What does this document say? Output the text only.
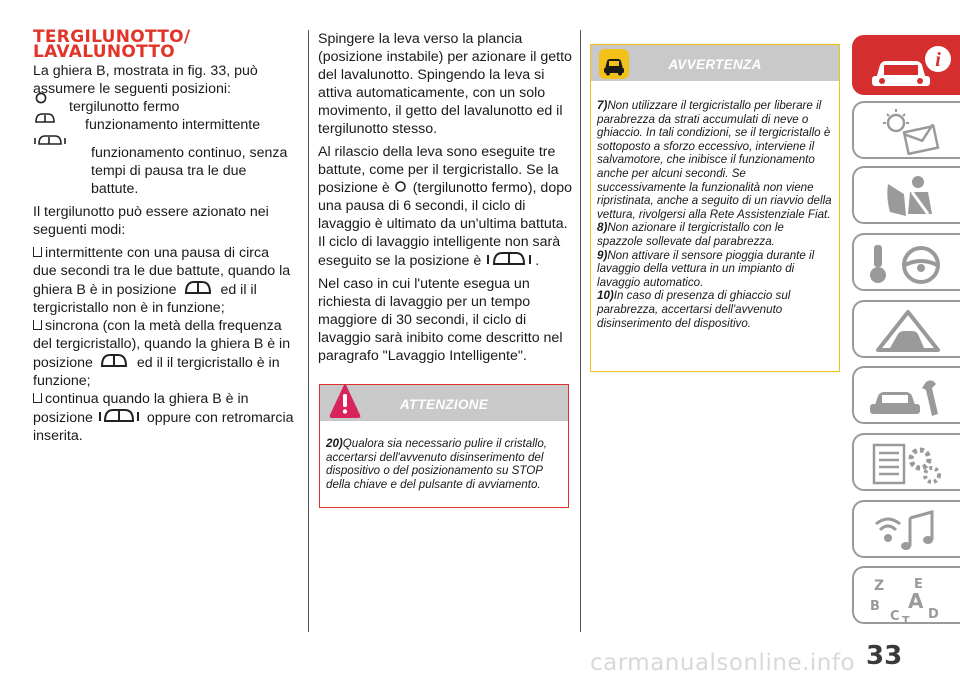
TERGILUNOTTO/
LAVALUNOTTO

La ghiera B, mostrata in fig. 33, può assumere le seguenti posizioni:

tergilunotto fermo

funzionamento intermittente

funzionamento continuo, senza tempi di pausa tra le due battute.

Il tergilunotto può essere azionato nei seguenti modi:

intermittente con una pausa di circa due secondi tra le due battute, quando la ghiera B è in posizione	ed il il tergicristallo non è in funzione;

sincrona (con la metà della frequenza del tergicristallo), quando la ghiera B è in posizione	ed il il tergicristallo è in funzione;

continua quando la ghiera B è in posizione	oppure con retromarcia inserita.

Spingere la leva verso la plancia (posizione instabile) per azionare il getto del lavalunotto. Spingendo la leva si attiva automaticamente, con un solo movimento, il getto del lavalunotto ed il tergilunotto stesso.

Al rilascio della leva sono eseguite tre battute, come per il tergicristallo. Se la posizione è (tergilunotto fermo), dopo una pausa di 6 secondi, il ciclo di lavaggio è ultimato da un'ultima battuta. Il ciclo di lavaggio intelligente non sarà eseguito se la posizione è	.

Nel caso in cui l'utente esegua un richiesta di lavaggio per un tempo maggiore di 30 secondi, il ciclo di lavaggio sarà inibito come descritto nel paragrafo "Lavaggio Intelligente".

ATTENZIONE
20)Qualora sia necessario pulire il cristallo, accertarsi dell'avvenuto disinserimento del dispositivo o del posizionamento su STOP della chiave e del pulsante di avviamento.
AVVERTENZA
7)Non utilizzare il tergicristallo per liberare il parabrezza da strati accumulati di neve o ghiaccio. In tali condizioni, se il tergicristallo è sottoposto a sforzo eccessivo, interviene il salvamotore, che inibisce il funzionamento anche per alcuni secondi. Se successivamente la funzionalità non viene ripristinata, anche a seguito di un riavvio della vettura, rivolgersi alla Rete Assistenziale Fiat.
8)Non azionare il tergicristallo con le spazzole sollevate dal parabrezza.
9)Non attivare il sensore pioggia durante il lavaggio della vettura in un impianto di lavaggio automatico.
10)In caso di presenza di ghiaccio sul parabrezza, accertarsi dell'avvenuto disinserimento del dispositivo.
i
Z E
B A
C D
T
33
carmanualsonline.info
